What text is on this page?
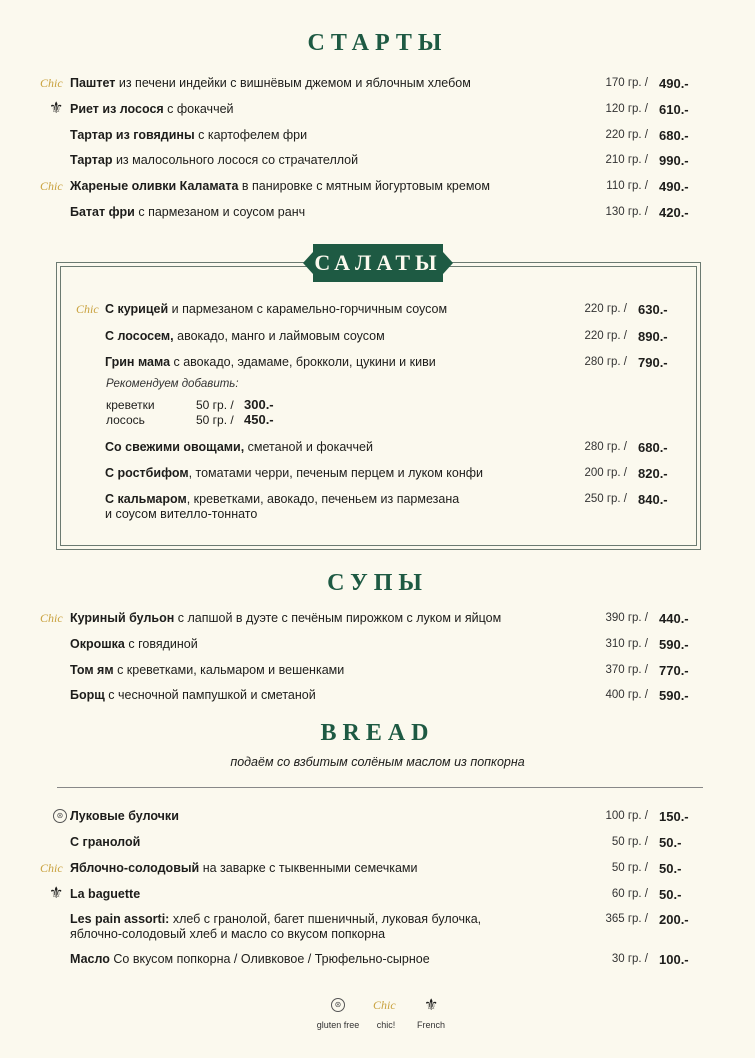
СТАРТЫ
Chic Паштет из печени индейки с вишнёвым джемом и яблочным хлебом	170 гр. / 490.-
⚜ Риет из лосося с фокаччей	120 гр. / 610.-
Тартар из говядины с картофелем фри	220 гр. / 680.-
Тартар из малосольного лосося со страчателлой	210 гр. / 990.-
Chic Жареные оливки Каламата в панировке с мятным йогуртовым кремом	110 гр. / 490.-
Батат фри с пармезаном и соусом ранч	130 гр. / 420.-
САЛАТЫ
Chic С курицей и пармезаном с карамельно-горчичным соусом	220 гр. / 630.-
С лососем, авокадо, манго и лаймовым соусом	220 гр. / 890.-
Грин мама с авокадо, эдамаме, брокколи, цукини и киви	280 гр. / 790.-
Со свежими овощами, сметаной и фокаччей	280 гр. / 680.-
С ростбифом, томатами черри, печеным перцем и луком конфи	200 гр. / 820.-
С кальмаром, креветками, авокадо, печеньем из пармезана
и соусом вителло-тоннато
250 гр. / 840.-
Рекомендуем добавить:
креветки	50 гр. / 300.-
лосось	50 гр. / 450.-
СУПЫ
Chic Куриный бульон с лапшой в дуэте с печёным пирожком с луком и яйцом	390 гр. / 440.-
Окрошка с говядиной	310 гр. / 590.-
Том ям с креветками, кальмаром и вешенками	370 гр. / 770.-
Борщ с чесночной пампушкой и сметаной	400 гр. / 590.-
BREAD
подаём со взбитым солёным маслом из попкорна
⊛ Луковые булочки	100 гр. / 150.-
С гранолой	50 гр. / 50.-
Chic Яблочно-солодовый на заварке с тыквенными семечками	50 гр. / 50.-
⚜ La baguette	60 гр. / 50.-
Les pain assorti: хлеб с гранолой, багет пшеничный, луковая булочка,
яблочно-солодовый хлеб и масло со вкусом попкорна
365 гр. / 200.-
Масло Со вкусом попкорна / Оливковое / Трюфельно-сырное	30 гр. / 100.-
⊛	Chic ⚜
gluten free	chic!	French
